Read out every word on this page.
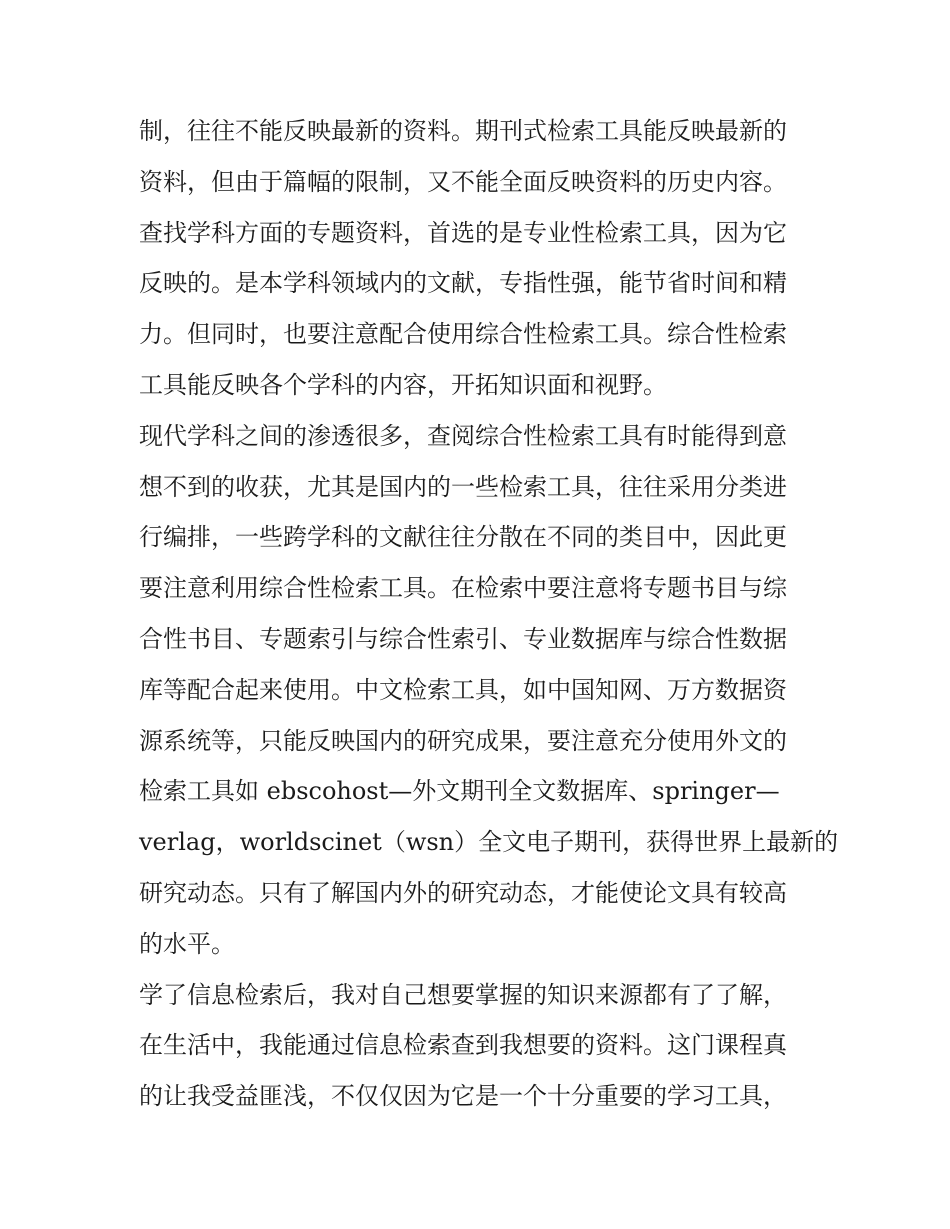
制，往往不能反映最新的资料。期刊式检索工具能反映最新的
资料，但由于篇幅的限制，又不能全面反映资料的历史内容。
查找学科方面的专题资料，首选的是专业性检索工具，因为它
反映的。是本学科领域内的文献，专指性强，能节省时间和精
力。但同时，也要注意配合使用综合性检索工具。综合性检索
工具能反映各个学科的内容，开拓知识面和视野。
现代学科之间的渗透很多，查阅综合性检索工具有时能得到意
想不到的收获，尤其是国内的一些检索工具，往往采用分类进
行编排，一些跨学科的文献往往分散在不同的类目中，因此更
要注意利用综合性检索工具。在检索中要注意将专题书目与综
合性书目、专题索引与综合性索引、专业数据库与综合性数据
库等配合起来使用。中文检索工具，如中国知网、万方数据资
源系统等，只能反映国内的研究成果，要注意充分使用外文的
检索工具如 ebscohost—外文期刊全文数据库、springer—
verlag，worldscinet（wsn）全文电子期刊，获得世界上最新的
研究动态。只有了解国内外的研究动态，才能使论文具有较高
的水平。
学了信息检索后，我对自己想要掌握的知识来源都有了了解，
在生活中，我能通过信息检索查到我想要的资料。这门课程真
的让我受益匪浅，不仅仅因为它是一个十分重要的学习工具，
